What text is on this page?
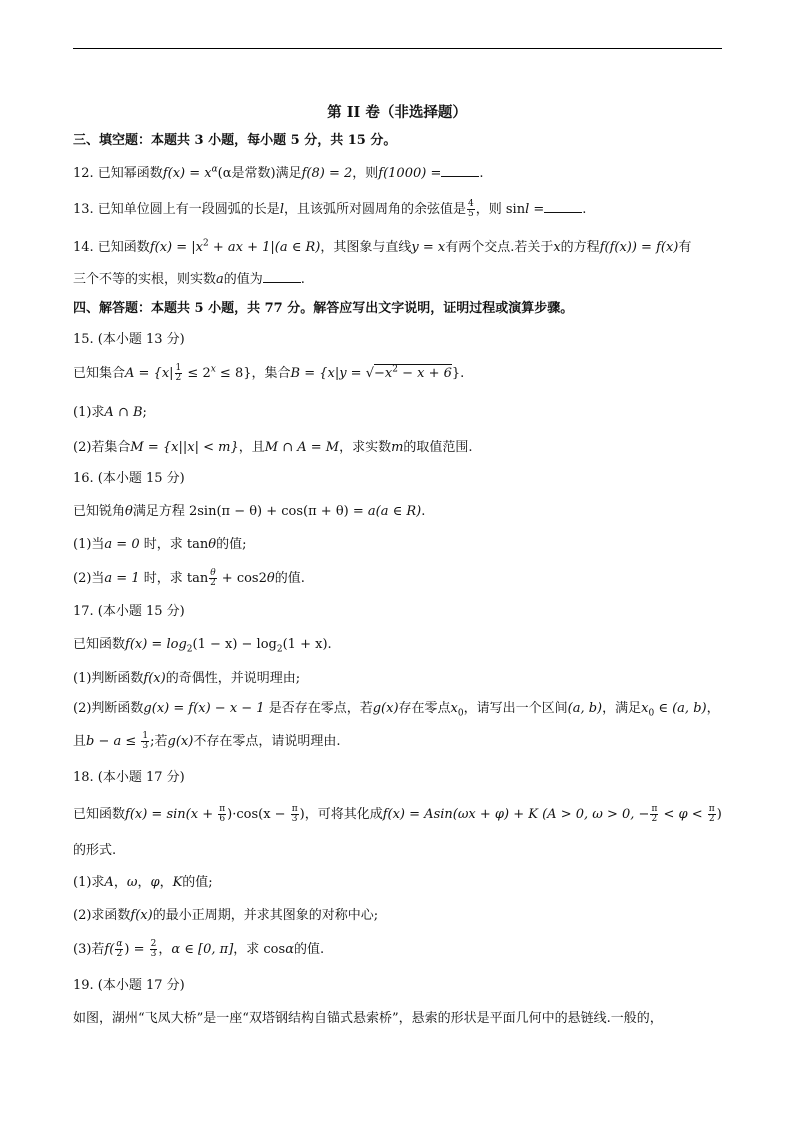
第 II 卷（非选择题）
三、填空题：本题共 3 小题，每小题 5 分，共 15 分。
12. 已知幂函数$f(x) = x^\alpha(\alpha$是常数)满足f(8) = 2，则f(1000) =	.
13. 已知单位圆上有一段圆弧的长是l，且该弧所对圆周角的余弦值是 $\frac{4}{5}$ ，则 sinl =	.
14. 已知函数$f(x) = |x^2$ + ax + 1|(a ∈ R)，其图象与直线y = x有两个交点.若关于x的方程f(f(x)) = f(x)有
三个不等的实根，则实数a的值为	.
四、解答题：本题共 5 小题，共 77 分。解答应写出文字说明，证明过程或演算步骤。
15. (本小题 13 分)
已知集合$A = \{x| \frac{1}{2} \le 2^x \le 8\}$，集合$B = \{x|y = √-x^2 - x + 6\}$.
(1)求A ∩ B;
(2)若集合M = {x||x| < m}，且M ∩ A = M，求实数m的取值范围.
16. (本小题 15 分)
已知锐角θ满足方程 2sin(π − θ) + cos(π + θ) = a(a ∈ R).
(1)当a = 0 时，求 tanθ的值;
(2)当a = 1 时，求 $\tan \frac{\theta}{2} + \cos 2\theta$的值.
17. (本小题 15 分)
已知函数$f(x) = \log_2(1 - x) - \log_2(1 + x)$.
(1)判断函数f(x)的奇偶性，并说明理由;
(2)判断函数g(x) = f(x) − x − 1 是否存在零点，若g(x)存在零点$x_0$，请写出一个区间(a, b)，满足$x_0$ ∈ (a, b)，
且$b - a \le \frac{1}{3}$ ;若g(x)不存在零点，请说明理由.
18. (本小题 17 分)
已知函数$f(x) = \sin(x + \frac{\pi}{6} )\cdot\cos(x - \frac{\pi}{3}$ )，可将其化成f(x) = Asin(ωx + φ) + K (A > 0, ω > 0, − $\frac{\pi}{2} < \varphi < \frac{\pi}{2}$ )
的形式.
(1)求A，ω，φ，K的值;
(2)求函数f(x)的最小正周期，并求其图象的对称中心;
(3)若$f( \frac{\alpha}{2}$ ) = $\frac{2}{3}$ ，α ∈ [0, π]，求 cosα的值.
19. (本小题 17 分)
如图，湖州“飞凤大桥”是一座“双塔钢结构自锚式悬索桥”，悬索的形状是平面几何中的悬链线.一般的，
